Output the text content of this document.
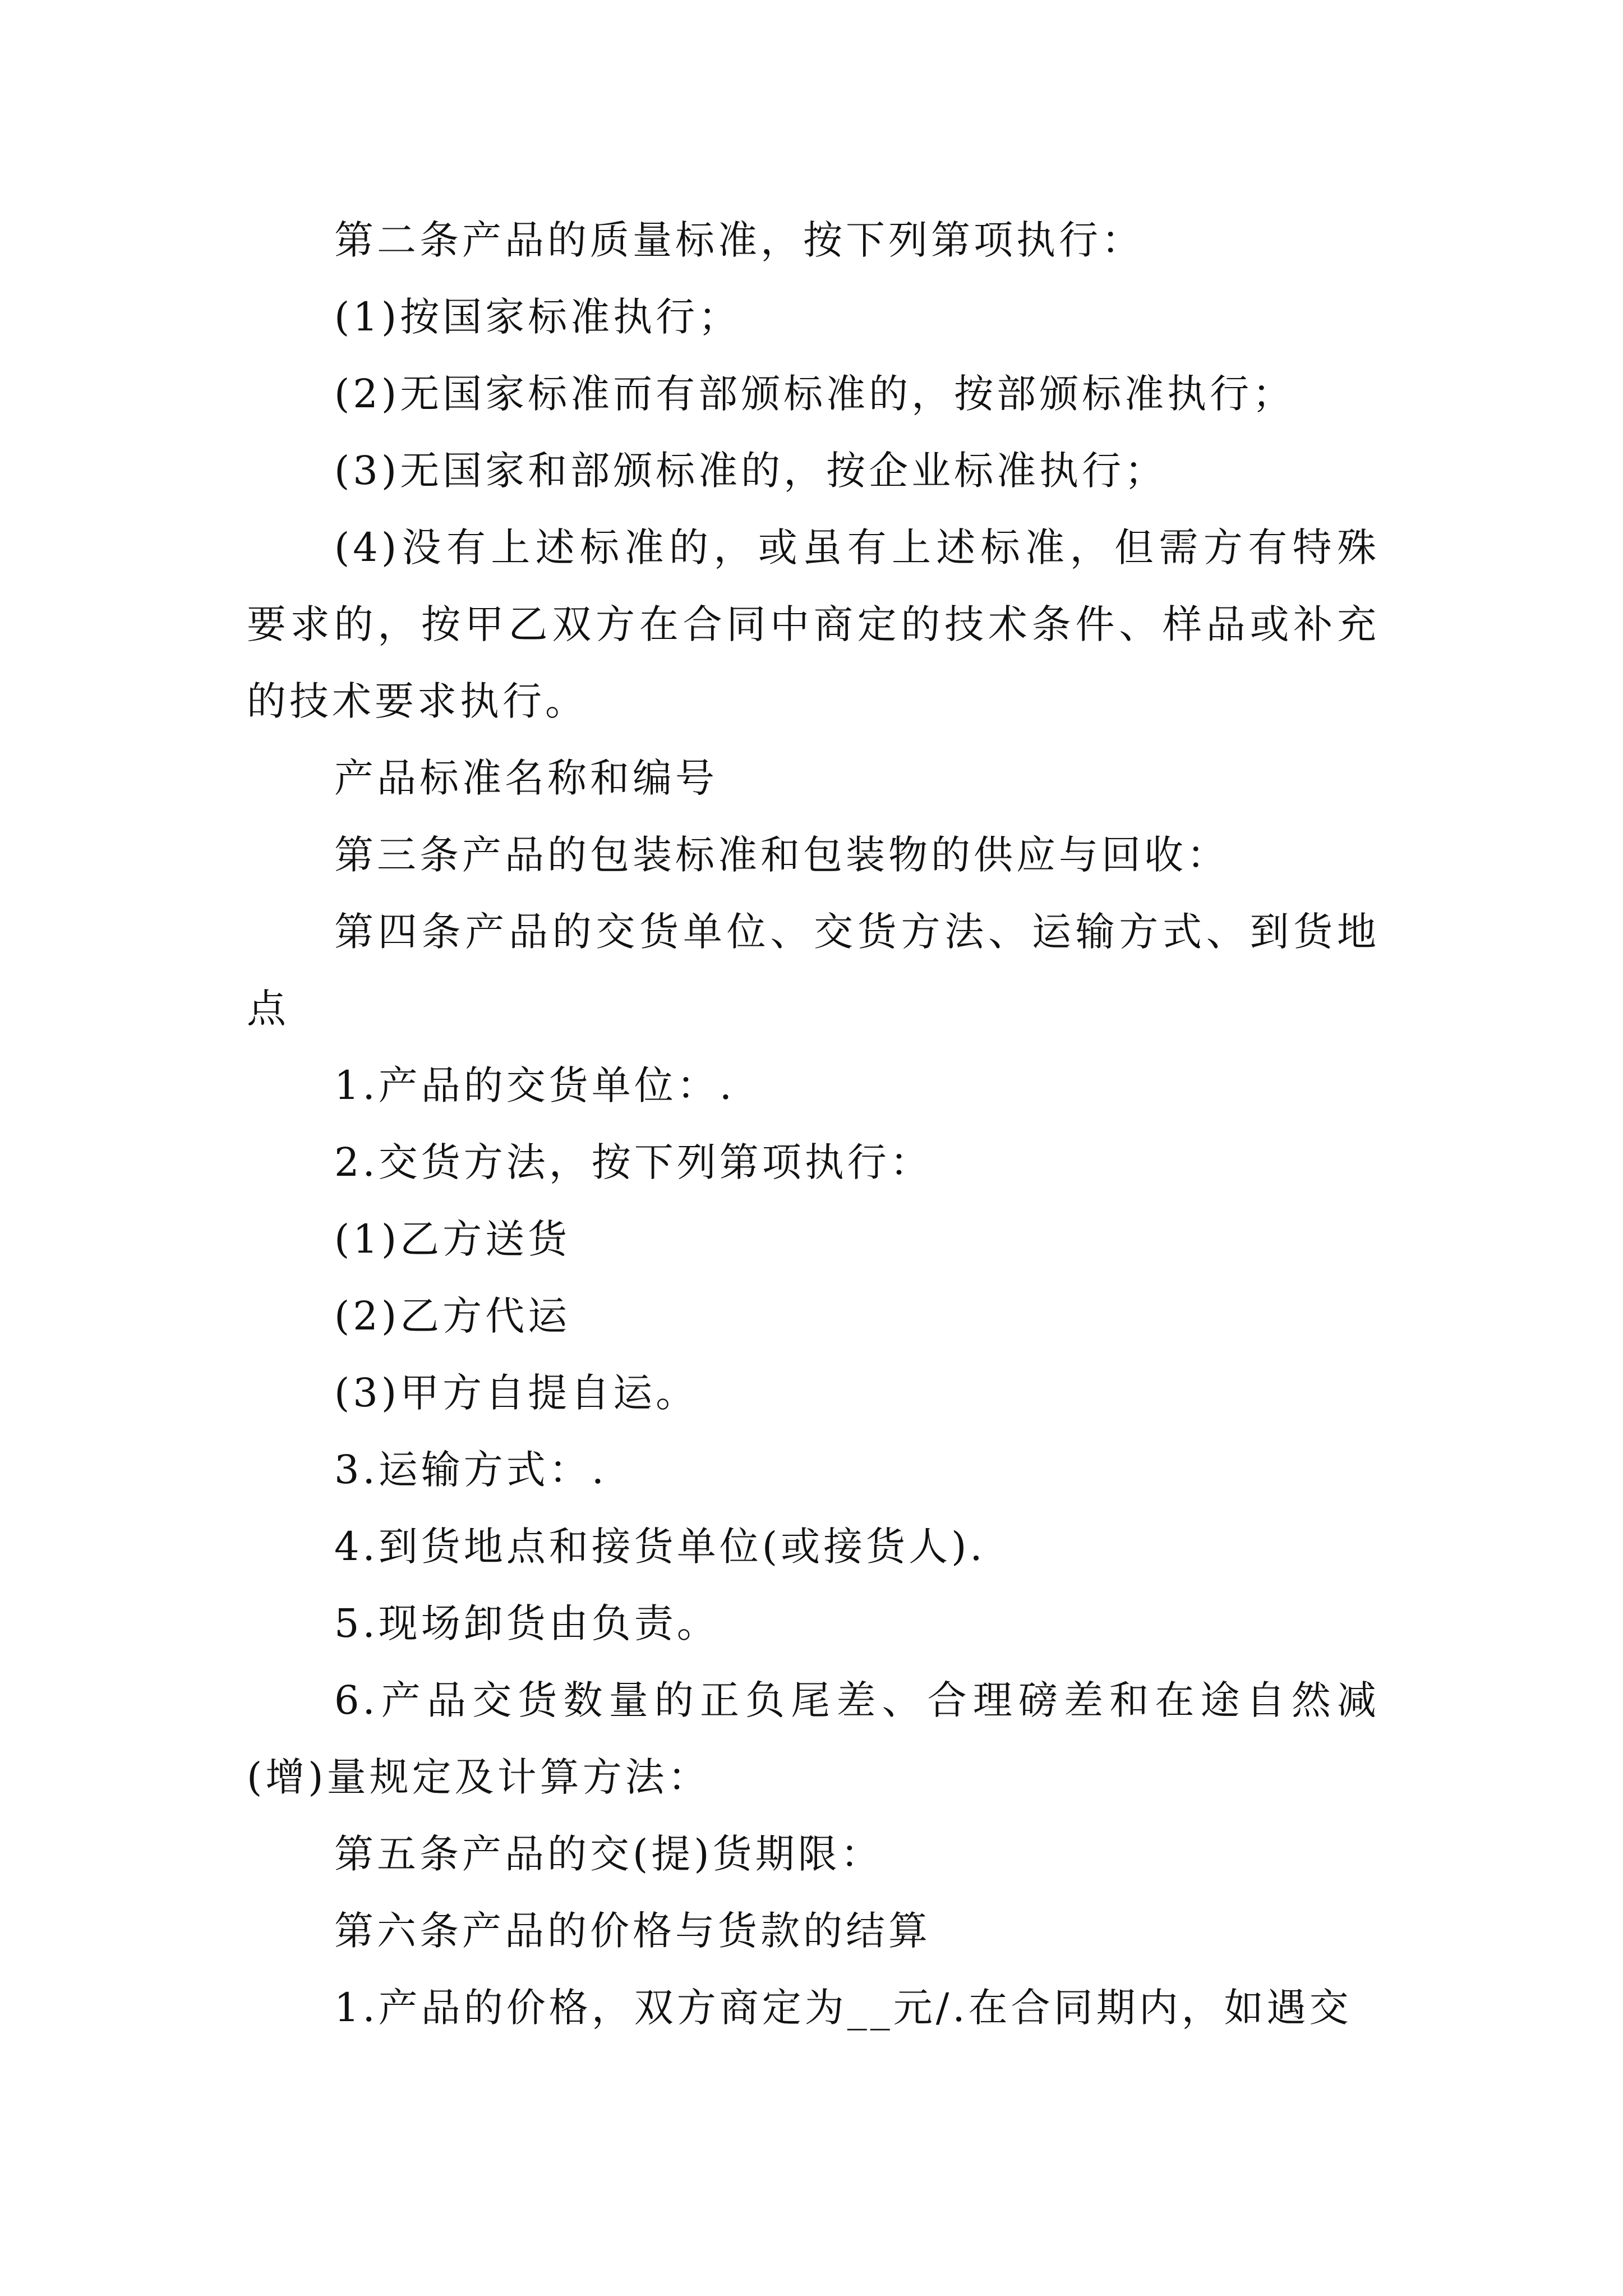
第二条产品的质量标准，按下列第项执行：

(1)按国家标准执行；

(2)无国家标准而有部颁标准的，按部颁标准执行；

(3)无国家和部颁标准的，按企业标准执行；

(4)没有上述标准的，或虽有上述标准，但需方有特殊要求的，按甲乙双方在合同中商定的技术条件、样品或补充的技术要求执行。

产品标准名称和编号

第三条产品的包装标准和包装物的供应与回收：

第四条产品的交货单位、交货方法、运输方式、到货地点

1.产品的交货单位：.

2.交货方法，按下列第项执行：

(1)乙方送货

(2)乙方代运

(3)甲方自提自运。

3.运输方式：.

4.到货地点和接货单位(或接货人).

5.现场卸货由负责。

6.产品交货数量的正负尾差、合理磅差和在途自然减(增)量规定及计算方法：

第五条产品的交(提)货期限：

第六条产品的价格与货款的结算

1.产品的价格，双方商定为__元/.在合同期内，如遇交
